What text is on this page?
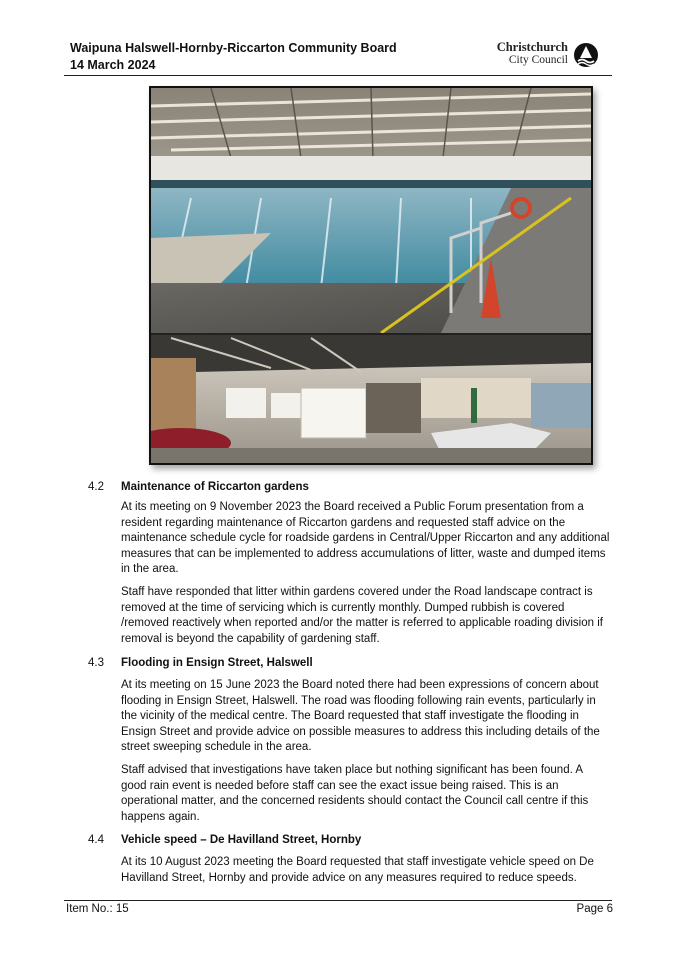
Waipuna Halswell-Hornby-Riccarton Community Board
14 March 2024
Christchurch
City Council
4.2 Maintenance of Riccarton gardens
At its meeting on 9 November 2023 the Board received a Public Forum presentation from a resident regarding maintenance of Riccarton gardens and requested staff advice on the maintenance schedule cycle for roadside gardens in Central/Upper Riccarton and any additional measures that can be implemented to address accumulations of litter, waste and dumped items in the area.
Staff have responded that litter within gardens covered under the Road landscape contract is removed at the time of servicing which is currently monthly. Dumped rubbish is covered /removed reactively when reported and/or the matter is referred to applicable roading division if removal is beyond the capability of gardening staff.
4.3 Flooding in Ensign Street, Halswell
At its meeting on 15 June 2023 the Board noted there had been expressions of concern about flooding in Ensign Street, Halswell. The road was flooding following rain events, particularly in the vicinity of the medical centre. The Board requested that staff investigate the flooding in Ensign Street and provide advice on possible measures to address this including details of the street sweeping schedule in the area.
Staff advised that investigations have taken place but nothing significant has been found. A good rain event is needed before staff can see the exact issue being raised. This is an operational matter, and the concerned residents should contact the Council call centre if this happens again.
4.4 Vehicle speed – De Havilland Street, Hornby
At its 10 August 2023 meeting the Board requested that staff investigate vehicle speed on De Havilland Street, Hornby and provide advice on any measures required to reduce speeds.
Item No.: 15	Page 6
